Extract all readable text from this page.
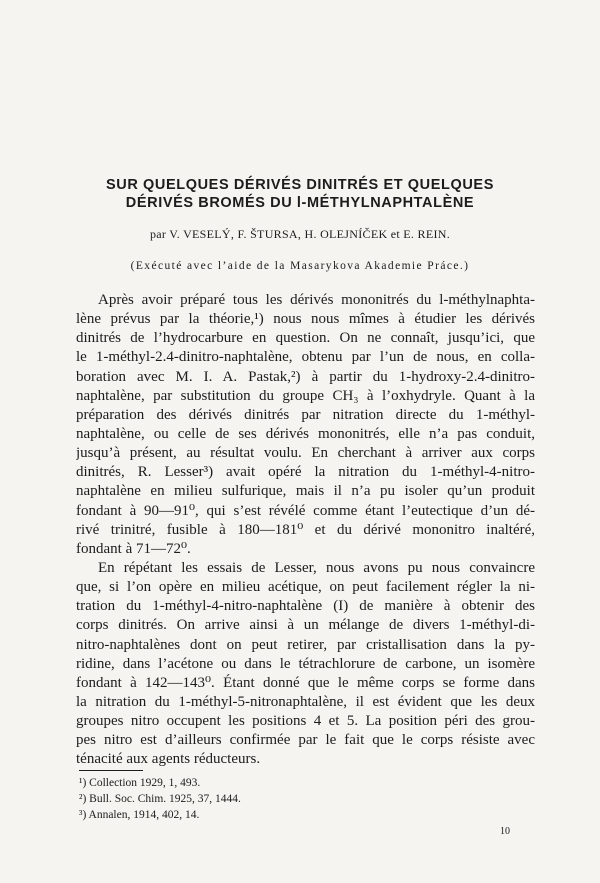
SUR QUELQUES DÉRIVÉS DINITRÉS ET QUELQUES
DÉRIVÉS BROMÉS DU l-MÉTHYLNAPHTALÈNE
par V. VESELÝ, F. ŠTURSA, H. OLEJNÍČEK et E. REIN.
(Exécuté avec l’aide de la Masarykova Akademie Práce.)
Après avoir préparé tous les dérivés mononitrés du l-méthylnaphta-
lène prévus par la théorie,¹) nous nous mîmes à étudier les dérivés
dinitrés de l’hydrocarbure en question. On ne connaît, jusqu’ici, que
le 1-méthyl-2.4-dinitro-naphtalène, obtenu par l’un de nous, en colla-
boration avec M. I. A. Pastak,²) à partir du 1-hydroxy-2.4-dinitro-
naphtalène, par substitution du groupe CH₃ à l’oxhydryle. Quant à la
préparation des dérivés dinitrés par nitration directe du 1-méthyl-
naphtalène, ou celle de ses dérivés mononitrés, elle n’a pas conduit,
jusqu’à présent, au résultat voulu. En cherchant à arriver aux corps
dinitrés, R. Lesser³) avait opéré la nitration du 1-méthyl-4-nitro-
naphtalène en milieu sulfurique, mais il n’a pu isoler qu’un produit
fondant à 90—91⁰, qui s’est révélé comme étant l’eutectique d’un dé-
rivé trinitré, fusible à 180—181⁰ et du dérivé mononitro inaltéré,
fondant à 71—72⁰.
En répétant les essais de Lesser, nous avons pu nous convaincre
que, si l’on opère en milieu acétique, on peut facilement régler la ni-
tration du 1-méthyl-4-nitro-naphtalène (I) de manière à obtenir des
corps dinitrés. On arrive ainsi à un mélange de divers 1-méthyl-di-
nitro-naphtalènes dont on peut retirer, par cristallisation dans la py-
ridine, dans l’acétone ou dans le tétrachlorure de carbone, un isomère
fondant à 142—143⁰. Étant donné que le même corps se forme dans
la nitration du 1-méthyl-5-nitronaphtalène, il est évident que les deux
groupes nitro occupent les positions 4 et 5. La position péri des grou-
pes nitro est d’ailleurs confirmée par le fait que le corps résiste avec
ténacité aux agents réducteurs.
¹) Collection 1929, 1, 493.
²) Bull. Soc. Chim. 1925, 37, 1444.
³) Annalen, 1914, 402, 14.
10
